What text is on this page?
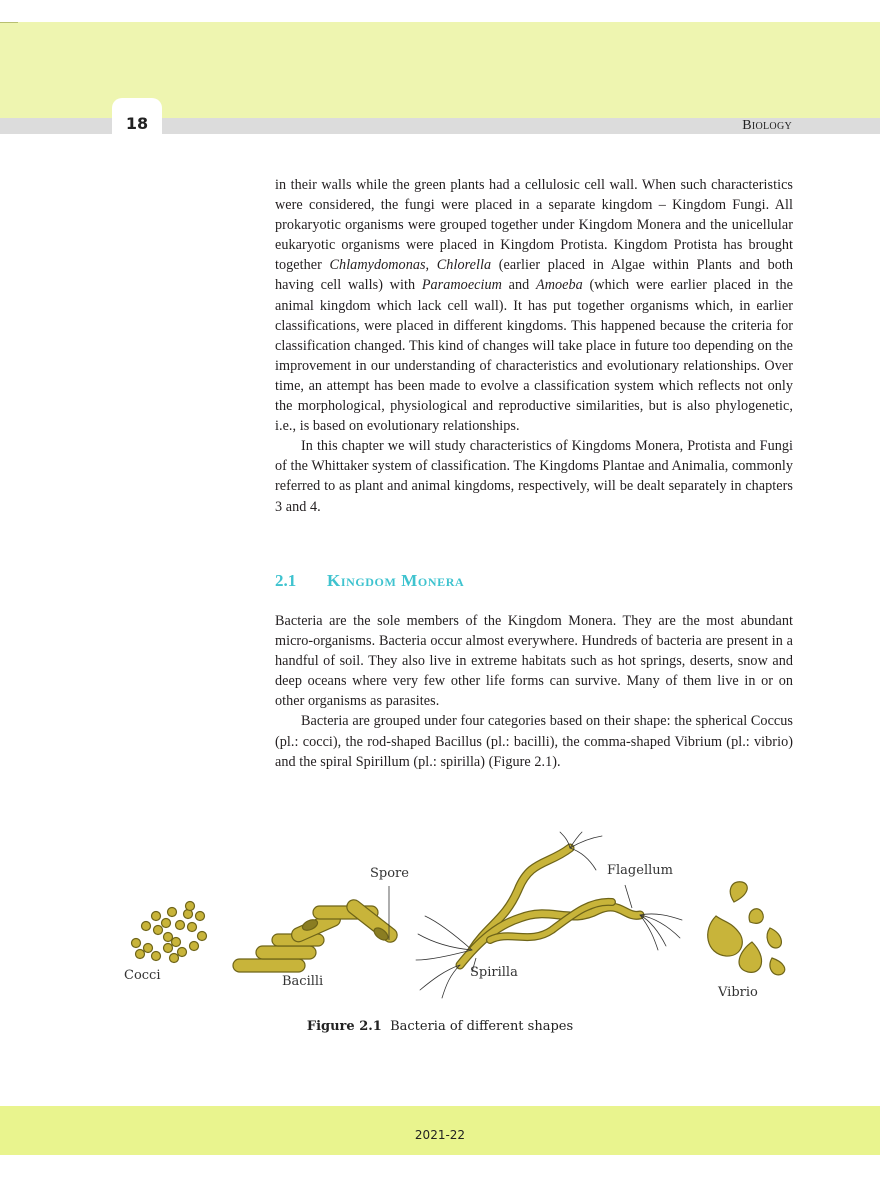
18	Biology

in their walls while the green plants had a cellulosic cell wall. When such characteristics were considered, the fungi were placed in a separate kingdom – Kingdom Fungi. All prokaryotic organisms were grouped together under Kingdom Monera and the unicellular eukaryotic organisms were placed in Kingdom Protista. Kingdom Protista has brought together Chlamydomonas, Chlorella (earlier placed in Algae within Plants and both having cell walls) with Paramoecium and Amoeba (which were earlier placed in the animal kingdom which lack cell wall). It has put together organisms which, in earlier classifications, were placed in different kingdoms. This happened because the criteria for classification changed. This kind of changes will take place in future too depending on the improvement in our understanding of characteristics and evolutionary relationships. Over time, an attempt has been made to evolve a classification system which reflects not only the morphological, physiological and reproductive similarities, but is also phylogenetic, i.e., is based on evolutionary relationships.

In this chapter we will study characteristics of Kingdoms Monera, Protista and Fungi of the Whittaker system of classification. The Kingdoms Plantae and Animalia, commonly referred to as plant and animal kingdoms, respectively, will be dealt separately in chapters 3 and 4.

2.1 Kingdom Monera

Bacteria are the sole members of the Kingdom Monera. They are the most abundant micro-organisms. Bacteria occur almost everywhere. Hundreds of bacteria are present in a handful of soil. They also live in extreme habitats such as hot springs, deserts, snow and deep oceans where very few other life forms can survive. Many of them live in or on other organisms as parasites.

Bacteria are grouped under four categories based on their shape: the spherical Coccus (pl.: cocci), the rod-shaped Bacillus (pl.: bacilli), the comma-shaped Vibrium (pl.: vibrio) and the spiral Spirillum (pl.: spirilla) (Figure 2.1).

Cocci	Bacilli
Spore
Spirilla
Flagellum
Vibrio
Figure 2.1 Bacteria of different shapes
2021-22
